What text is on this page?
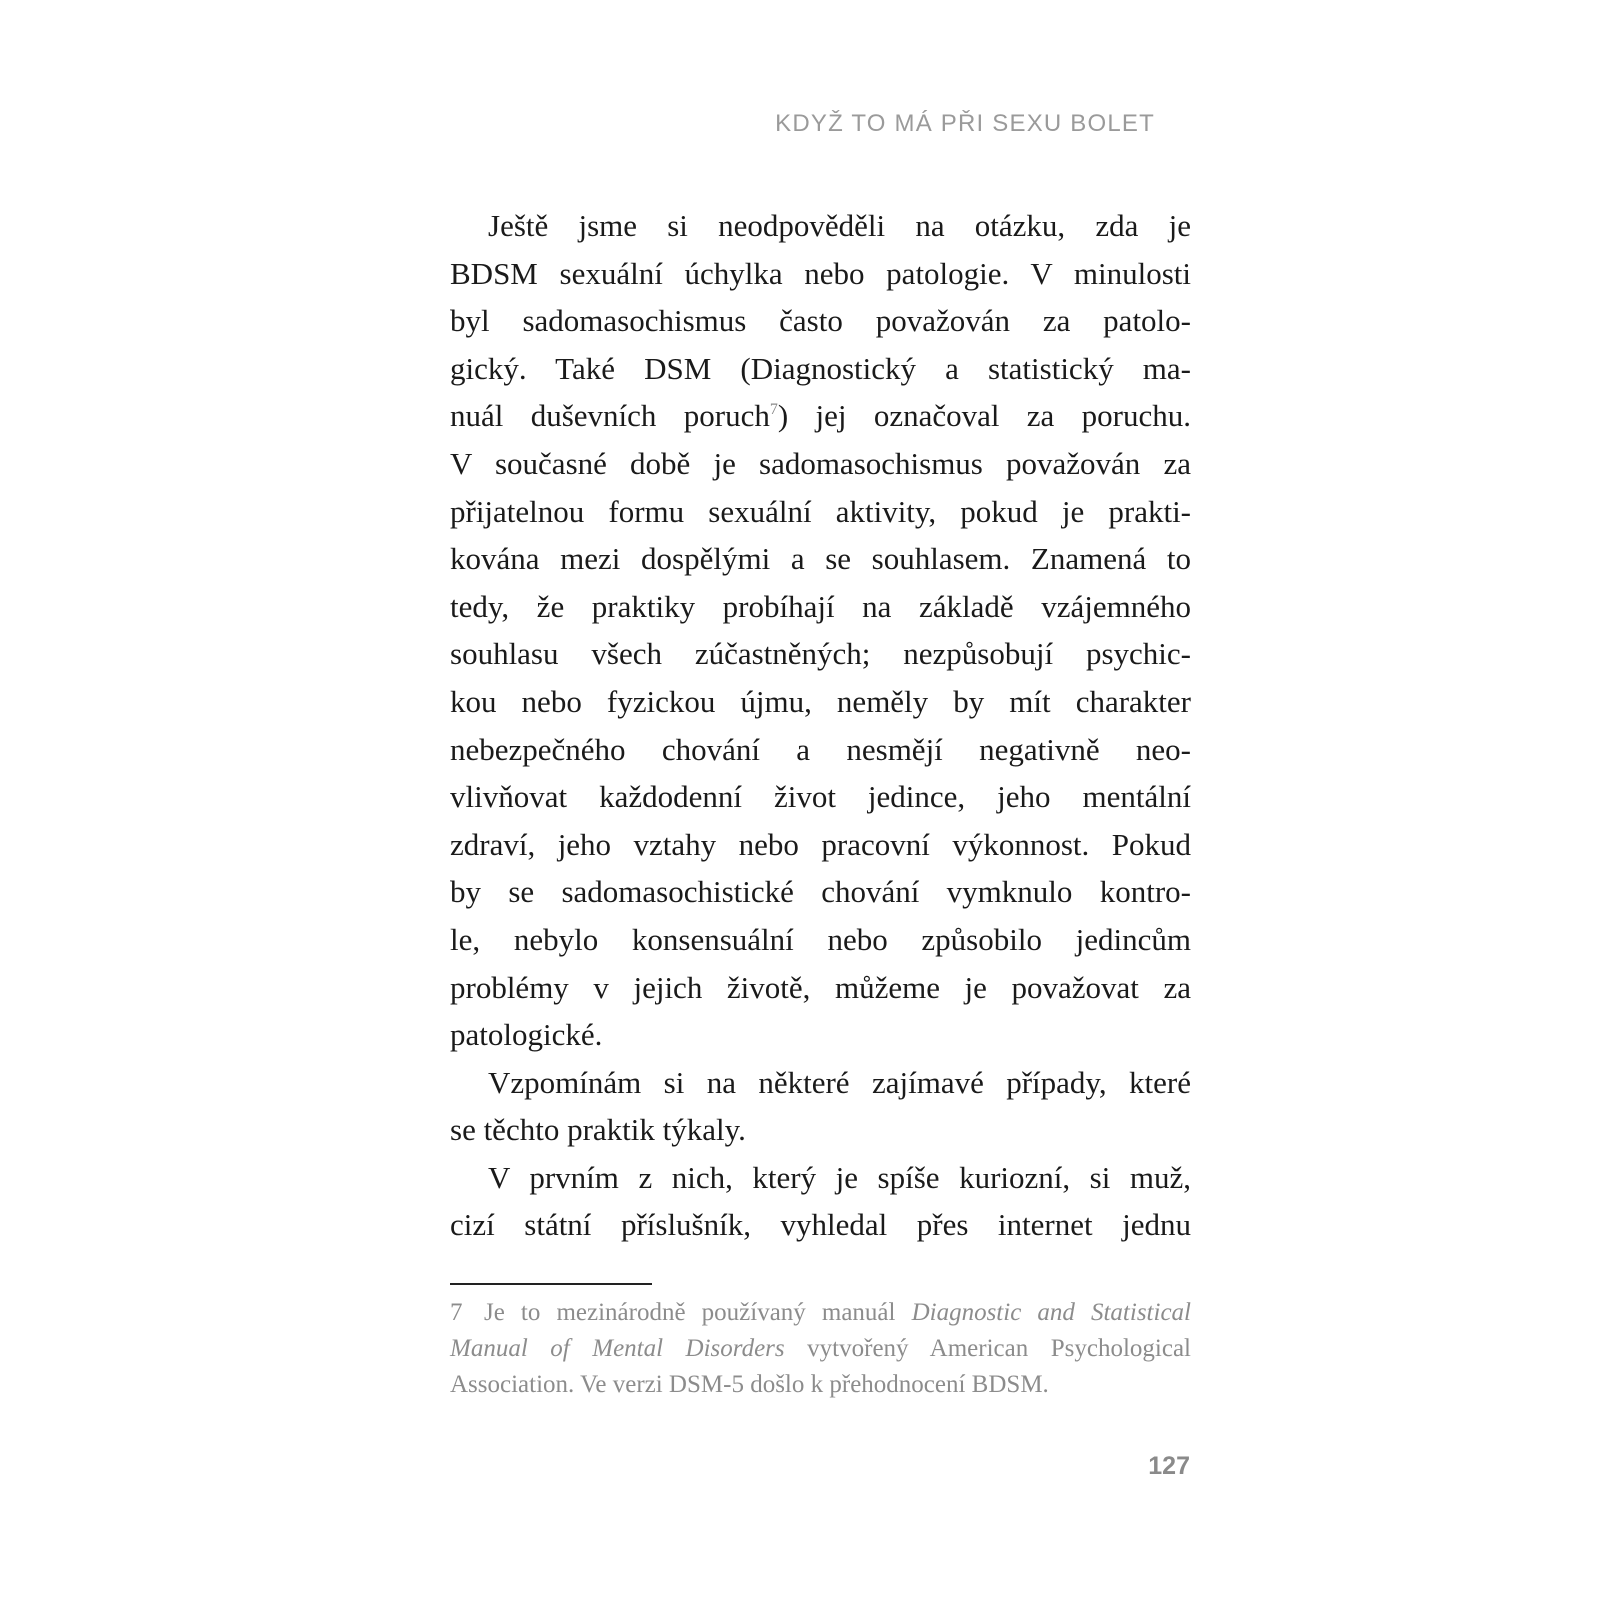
KDYŽ TO MÁ PŘI SEXU BOLET
Ještě jsme si neodpověděli na otázku, zda je
BDSM sexuální úchylka nebo patologie. V minulosti
byl sadomasochismus často považován za patolo-
gický. Také DSM (Diagnostický a statistický ma-
nuál duševních poruch$^7$) jej označoval za poruchu.
V současné době je sadomasochismus považován za
přijatelnou formu sexuální aktivity, pokud je prakti-
kována mezi dospělými a se souhlasem. Znamená to
tedy, že praktiky probíhají na základě vzájemného
souhlasu všech zúčastněných; nezpůsobují psychic-
kou nebo fyzickou újmu, neměly by mít charakter
nebezpečného chování a nesmějí negativně neo-
vlivňovat každodenní život jedince, jeho mentální
zdraví, jeho vztahy nebo pracovní výkonnost. Pokud
by se sadomasochistické chování vymknulo kontro-
le, nebylo konsensuální nebo způsobilo jedincům
problémy v jejich životě, můžeme je považovat za
patologické.
Vzpomínám si na některé zajímavé případy, které
se těchto praktik týkaly.
V prvním z nich, který je spíše kuriozní, si muž,
cizí státní příslušník, vyhledal přes internet jednu
7 Je to mezinárodně používaný manuál Diagnostic and Statistical
Manual of Mental Disorders vytvořený American Psychological
Association. Ve verzi DSM-5 došlo k přehodnocení BDSM.
127
